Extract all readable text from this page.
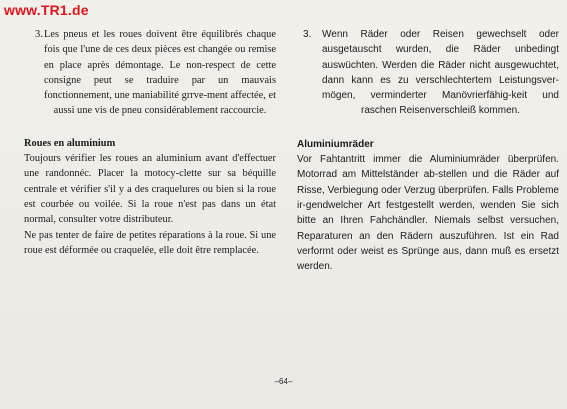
www.TR1.de
3. Les pneus et les roues doivent être équilibrés chaque fois que l'une de ces deux pièces est changée ou remise en place après démontage. Le non-respect de cette consigne peut se traduire par un mauvais fonctionnement, une maniabilité grrve-ment affectée, et aussi une vis de pneu considérablement raccourcie.
Roues en aluminium

Toujours vérifier les roues an aluminium avant d'effectuer une randonnéc. Placer la motocy-clette sur sa béquille centrale et vérifier s'il y a des craquelures ou bien si la roue est courbée ou voilée. Si la roue n'est pas dans un état normal, consulter votre distributeur.

Ne pas tenter de faire de petites réparations à la roue. Si une roue est déformée ou craquelée, elle doit être remplacée.

3.	Wenn Räder oder Reisen gewechselt oder ausgetauscht wurden, die Räder unbedingt auswüchten. Werden die Räder nicht ausgewuchtet, dann kann es zu verschlechtertem Leistungsver-mögen, verminderter Manövrierfähig-keit und raschen Reisenverschleiß kommen.
Aluminiumräder

Vor Fahtantritt immer die Aluminiumräder überprüfen. Motorrad am Mittelständer ab-stellen und die Räder auf Risse, Verbiegung oder Verzug überprüfen. Falls Probleme ir-gendwelcher Art festgestellt werden, wenden Sie sich bitte an Ihren Fahchändler. Niemals selbst versuchen, Reparaturen an den Rädern auszuführen. Ist ein Rad verformt oder weist es Sprünge aus, dann muß es ersetzt werden.

–64–
